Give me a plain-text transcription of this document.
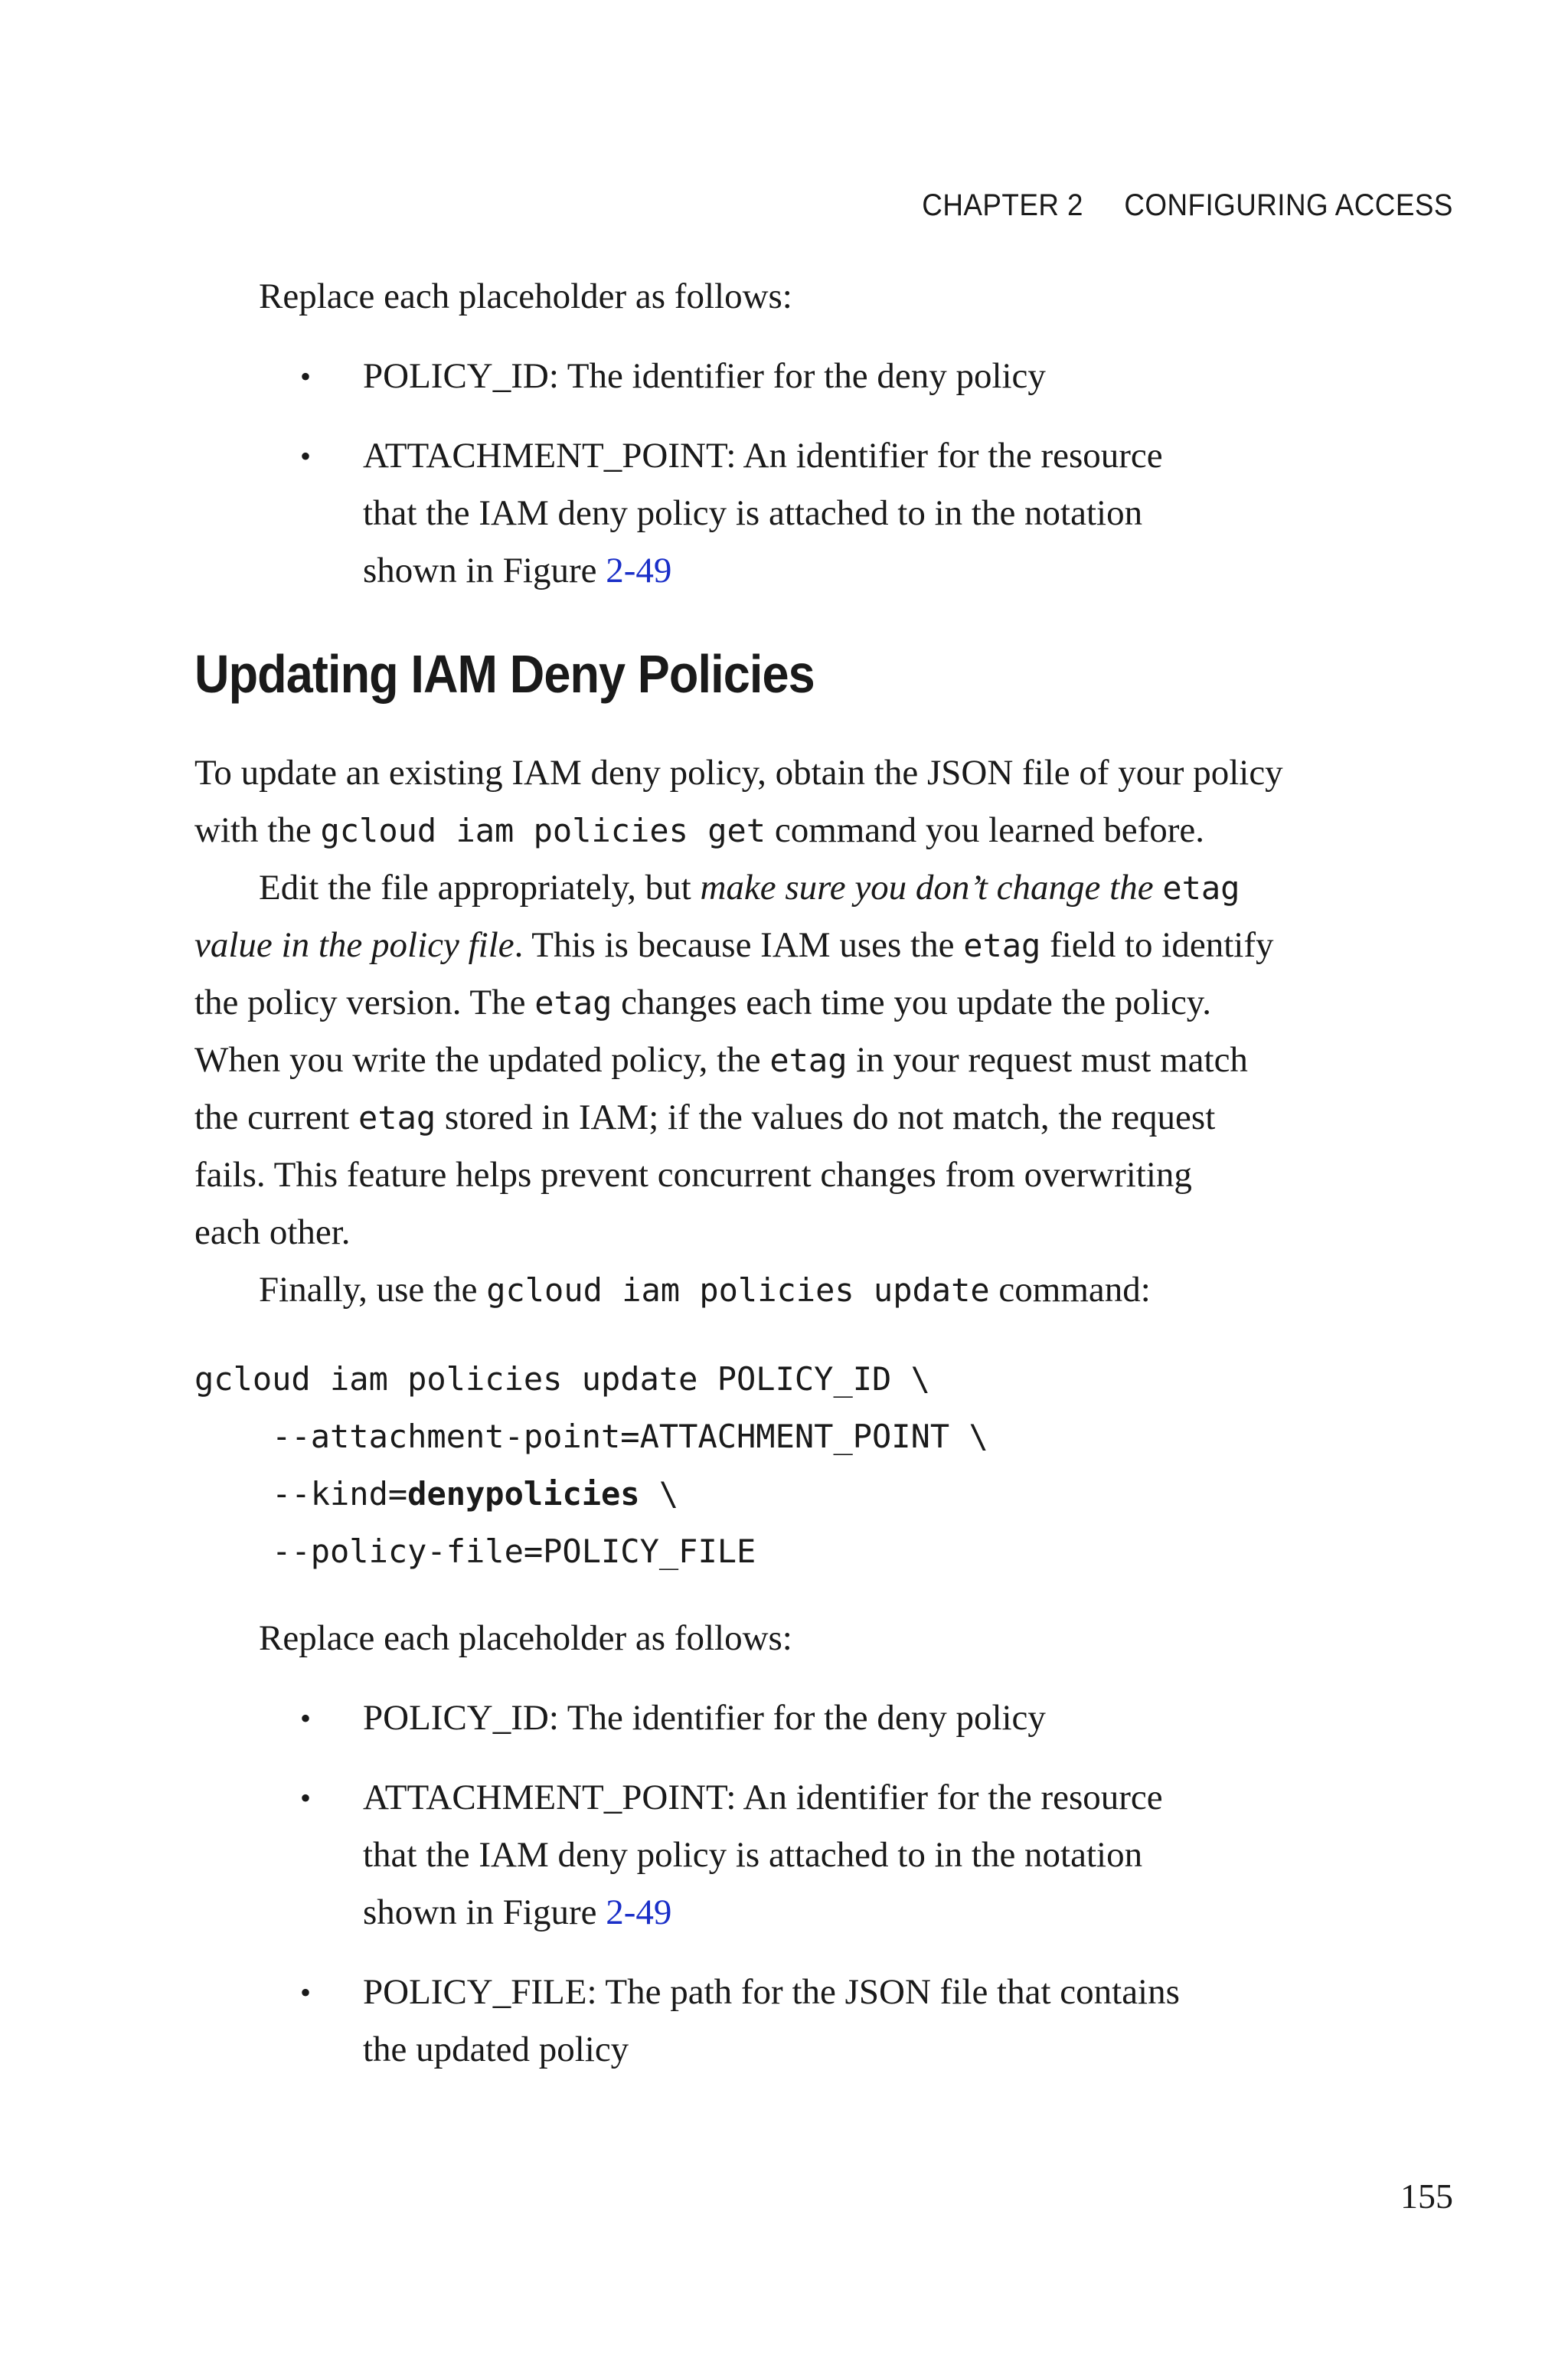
CHAPTER 2 CONFIGURING ACCESS

Replace each placeholder as follows:

• POLICY_ID: The identifier for the deny policy
• ATTACHMENT_POINT: An identifier for the resource
that the IAM deny policy is attached to in the notation
shown in Figure 2-49
Updating IAM Deny Policies

To update an existing IAM deny policy, obtain the JSON file of your policy

with the gcloud iam policies get command you learned before.

Edit the file appropriately, but make sure you don’t change the etag

value in the policy file. This is because IAM uses the etag field to identify

the policy version. The etag changes each time you update the policy.

When you write the updated policy, the etag in your request must match

the current etag stored in IAM; if the values do not match, the request

fails. This feature helps prevent concurrent changes from overwriting

each other.

Finally, use the gcloud iam policies update command:

gcloud iam policies update POLICY_ID \
--attachment-point=ATTACHMENT_POINT \
--kind=denypolicies \
--policy-file=POLICY_FILE

Replace each placeholder as follows:

• POLICY_ID: The identifier for the deny policy
• ATTACHMENT_POINT: An identifier for the resource
that the IAM deny policy is attached to in the notation
shown in Figure 2-49
• POLICY_FILE: The path for the JSON file that contains
the updated policy

155
